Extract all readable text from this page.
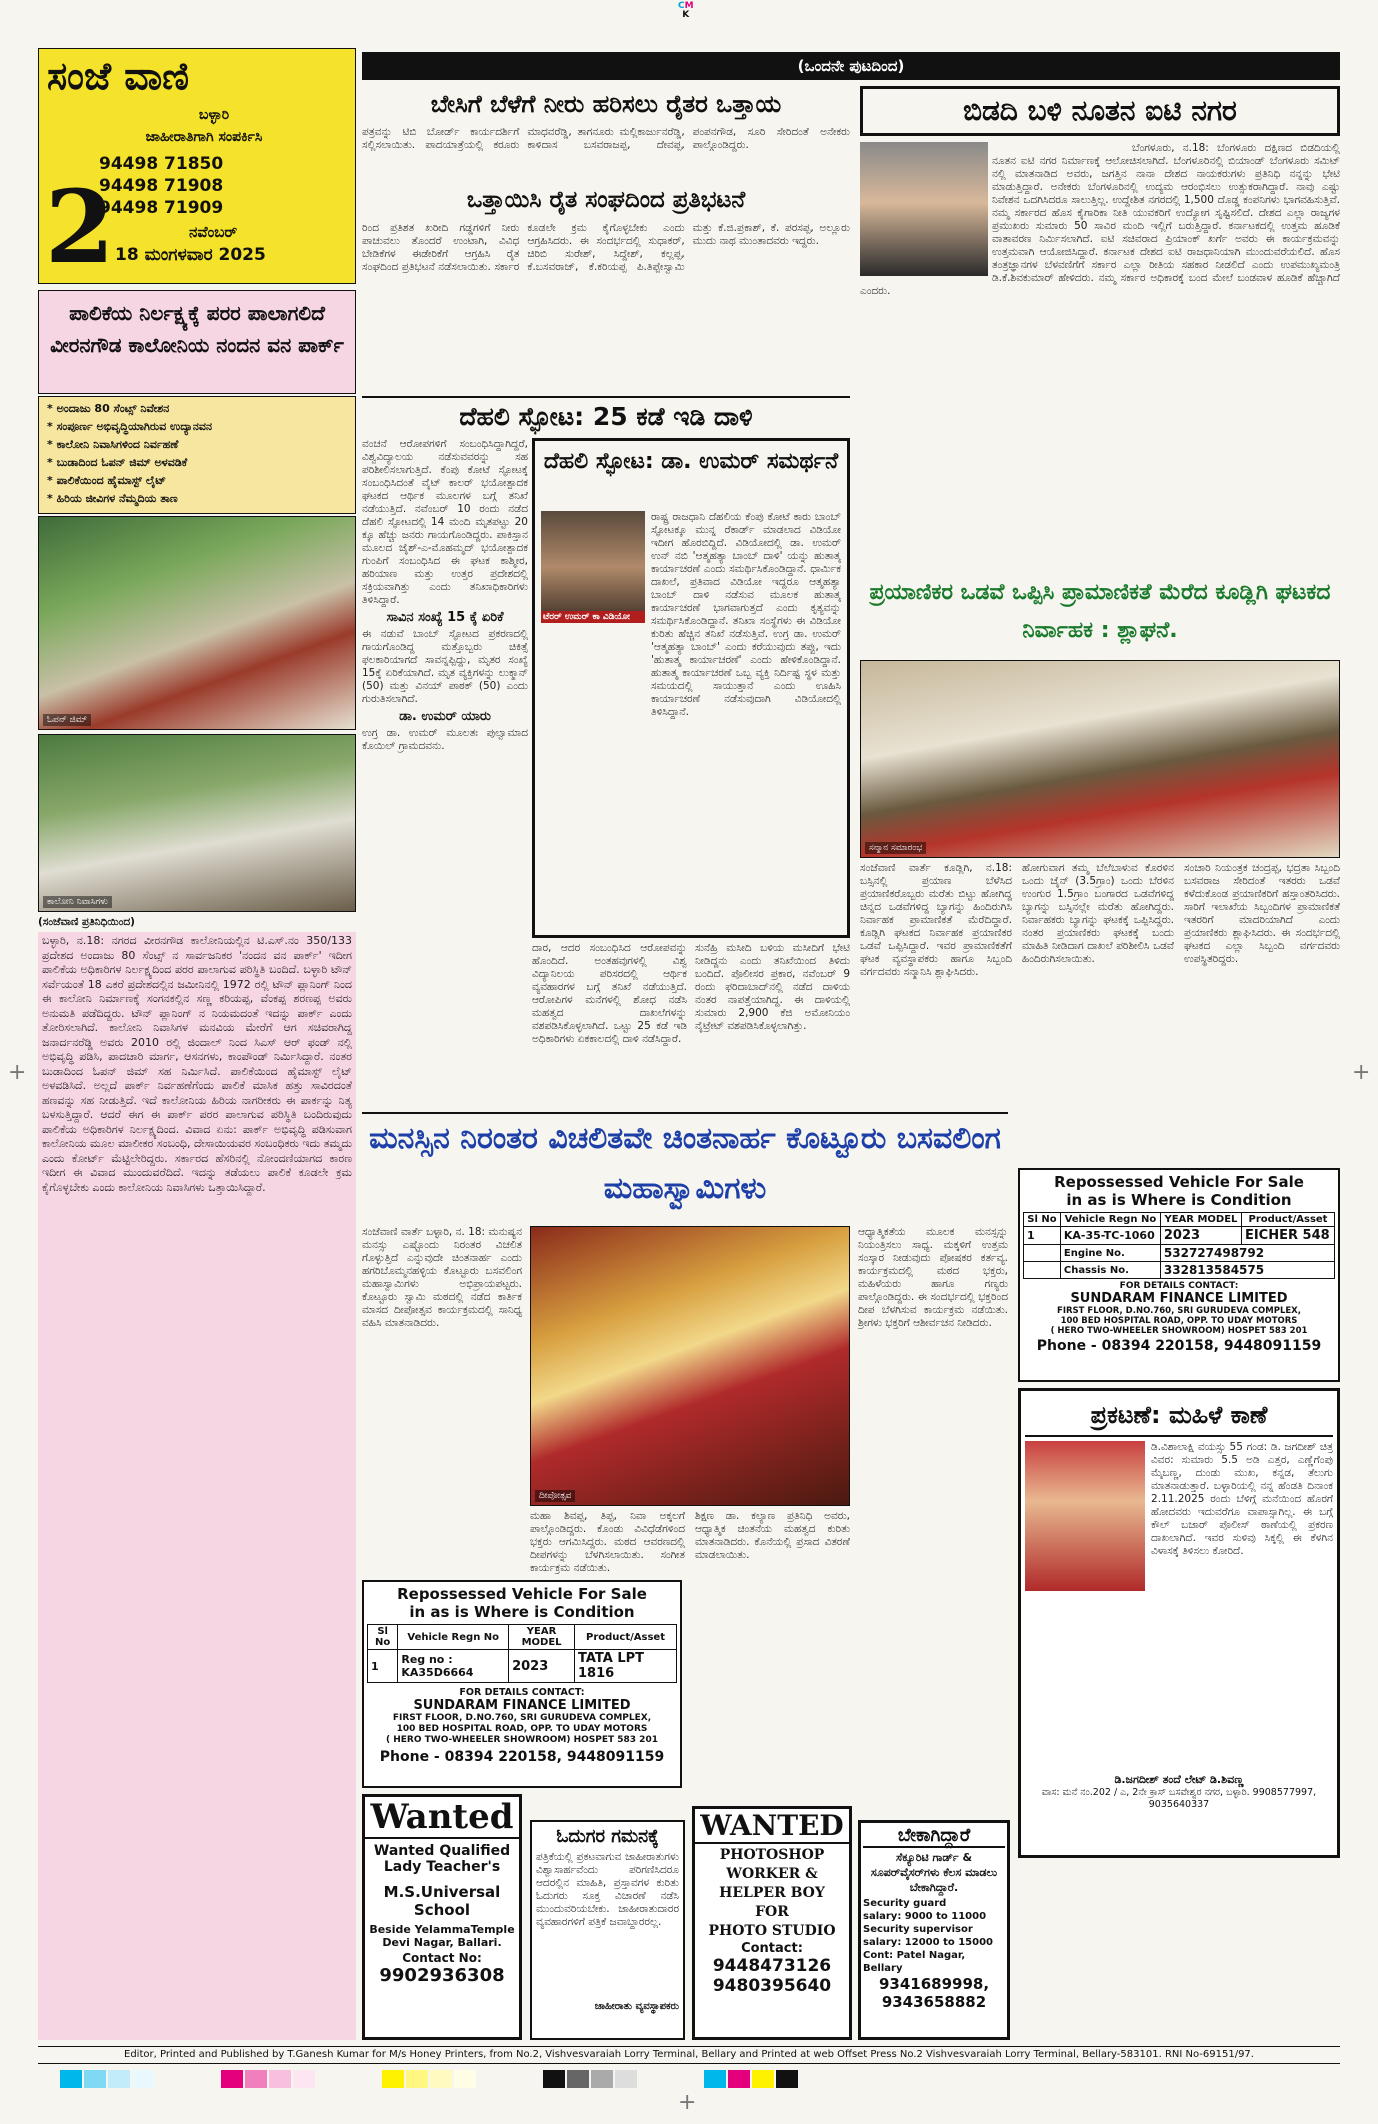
CM
K
+	+
+
ಸಂಜೆ ವಾಣಿ
ಬಳ್ಳಾರಿ
ಜಾಹೀರಾತಿಗಾಗಿ ಸಂಪರ್ಕಿಸಿ
94498 71850
94498 71908
94498 71909
2	ನವೆಂಬರ್
18 ಮಂಗಳವಾರ 2025
ಪಾಲಿಕೆಯ ನಿರ್ಲಕ್ಷ್ಯಕ್ಕೆ ಪರರ ಪಾಲಾಗಲಿದೆ ವೀರನಗೌಡ ಕಾಲೋನಿಯ ನಂದನ ವನ ಪಾರ್ಕ್
* ಅಂದಾಜು 80 ಸೆಂಟ್ಸ್ ನಿವೇಶನ
* ಸಂಪೂರ್ಣ ಅಭಿವೃದ್ಧಿಯಾಗಿರುವ ಉದ್ಯಾನವನ
* ಕಾಲೋನಿ ನಿವಾಸಿಗಳಿಂದ ನಿರ್ವಹಣೆ
* ಬುಡಾದಿಂದ ಓಪನ್ ಜಿಮ್ ಅಳವಡಿಕೆ
* ಪಾಲಿಕೆಯಿಂದ ಹೈಮಾಸ್ಟ್ ಲೈಟ್
* ಹಿರಿಯ ಜೀವಿಗಳ ನೆಮ್ಮದಿಯ ತಾಣ
ಓಪನ್ ಜಿಮ್
ಕಾಲೋನಿ ನಿವಾಸಿಗಳು
(ಸಂಜೆವಾಣಿ ಪ್ರತಿನಿಧಿಯಿಂದ)
ಬಳ್ಳಾರಿ, ನ.18: ನಗರದ ವೀರನಗೌಡ ಕಾಲೋನಿಯಲ್ಲಿನ ಟಿ.ಎಸ್.ನಂ 350/133 ಪ್ರದೇಶದ ಅಂದಾಜು 80 ಸೆಂಟ್ಸ್ ನ ಸಾರ್ವಜನಿಕರ 'ನಂದನ ವನ ಪಾರ್ಕ್' ಇದೀಗ ಪಾಲಿಕೆಯ ಅಧಿಕಾರಿಗಳ ನಿರ್ಲಕ್ಷ್ಯದಿಂದ ಪರರ ಪಾಲಾಗುವ ಪರಿಸ್ಥಿತಿ ಬಂದಿದೆ. ಬಳ್ಳಾರಿ ಟೌನ್ ಸರ್ವೆಯಂತೆ 18 ಎಕರೆ ಪ್ರದೇಶದಲ್ಲಿನ ಜಮೀನಿನಲ್ಲಿ 1972 ರಲ್ಲಿ ಟೌನ್ ಪ್ಲಾನಿಂಗ್ ನಿಂದ ಈ ಕಾಲೋನಿ ನಿರ್ಮಾಣಕ್ಕೆ ಸಂಗನಕಲ್ಲಿನ ಸಣ್ಣ ಕರಿಯಪ್ಪ, ವೆಂಕಪ್ಪ ಶರಣಪ್ಪ ಅವರು ಅನುಮತಿ ಪಡೆದಿದ್ದರು. ಟೌನ್ ಪ್ಲಾನಿಂಗ್ ನ ನಿಯಮದಂತೆ ಇದನ್ನು ಪಾರ್ಕ್ ಎಂದು ತೋರಿಸಲಾಗಿದೆ. ಕಾಲೋನಿ ನಿವಾಸಿಗಳ ಮನವಿಯ ಮೇರೆಗೆ ಆಗ ಸಚಿವರಾಗಿದ್ದ ಜನಾರ್ದನರೆಡ್ಡಿ ಅವರು 2010 ರಲ್ಲಿ ಜಿಂದಾಲ್ ನಿಂದ ಸಿಎಸ್ ಆರ್ ಫಂಡ್ ನಲ್ಲಿ ಅಭಿವೃದ್ಧಿ ಪಡಿಸಿ, ಪಾದಚಾರಿ ಮಾರ್ಗ, ಆಸನಗಳು, ಕಾಂಪೌಂಡ್ ನಿರ್ಮಿಸಿದ್ದಾರೆ. ನಂತರ ಬುಡಾದಿಂದ ಓಪನ್ ಜಿಮ್ ಸಹ ನಿರ್ಮಿಸಿದೆ. ಪಾಲಿಕೆಯಿಂದ ಹೈಮಾಸ್ಟ್ ಲೈಟ್ ಅಳವಡಿಸಿದೆ. ಅಲ್ಲದೆ ಪಾರ್ಕ್ ನಿರ್ವಹಣೆಗೆಂದು ಪಾಲಿಕೆ ಮಾಸಿಕ ಹತ್ತು ಸಾವಿರದಂತೆ ಹಣವನ್ನು ಸಹ ನೀಡುತ್ತಿದೆ. ಇದೆ ಕಾಲೋನಿಯ ಹಿರಿಯ ನಾಗರೀಕರು ಈ ಪಾರ್ಕನ್ನು ನಿತ್ಯ ಬಳಸುತ್ತಿದ್ದಾರೆ. ಆದರೆ ಈಗ ಈ ಪಾರ್ಕ್ ಪರರ ಪಾಲಾಗುವ ಪರಿಸ್ಥಿತಿ ಬಂದಿರುವುದು ಪಾಲಿಕೆಯ ಅಧಿಕಾರಿಗಳ ನಿರ್ಲಕ್ಷ್ಯದಿಂದ. ವಿವಾದ ಏನು: ಪಾರ್ಕ್ ಅಭಿವೃದ್ಧಿ ಪಡಿಸುವಾಗ ಕಾಲೋನಿಯ ಮೂಲ ಮಾಲೀಕರ ಸಂಬಂಧಿ, ದೇಸಾಯಿಯವರ ಸಂಬಂಧಿಕರು ಇದು ತಮ್ಮದು ಎಂದು ಕೋರ್ಟ್ ಮೆಟ್ಟಿಲೇರಿದ್ದರು. ಸರ್ಕಾರದ ಹೆಸರಿನಲ್ಲಿ ನೋಂದಣಿಯಾಗದ ಕಾರಣ ಇದೀಗ ಈ ವಿವಾದ ಮುಂದುವರೆದಿದೆ. ಇದನ್ನು ತಡೆಯಲು ಪಾಲಿಕೆ ಕೂಡಲೇ ಕ್ರಮ ಕೈಗೊಳ್ಳಬೇಕು ಎಂದು ಕಾಲೋನಿಯ ನಿವಾಸಿಗಳು ಒತ್ತಾಯಿಸಿದ್ದಾರೆ.
(ಒಂದನೇ ಪುಟದಿಂದ)
ಬೇಸಿಗೆ ಬೆಳೆಗೆ ನೀರು ಹರಿಸಲು ರೈತರ ಒತ್ತಾಯ
ಪತ್ರವನ್ನು ಟಿಬಿ ಬೋರ್ಡ್ ಕಾರ್ಯದರ್ಶಿಗೆ ಸಲ್ಲಿಸಲಾಯಿತು. ಪಾದಯಾತ್ರೆಯಲ್ಲಿ ಕರೂರು ಮಾಧವರೆಡ್ಡಿ, ತಾಗನೂರು ಮಲ್ಲಿಕಾರ್ಜುನರೆಡ್ಡಿ, ಕಾಳಿದಾಸ ಬಸವರಾಜಪ್ಪ, ದೇವಪ್ಪ, ಪಂಪನಗೌಡ, ಸೂರಿ ಸೇರಿದಂತೆ ಅನೇಕರು ಪಾಲ್ಗೊಂಡಿದ್ದರು.
ಒತ್ತಾಯಿಸಿ ರೈತ ಸಂಘದಿಂದ ಪ್ರತಿಭಟನೆ
ರಿಂದ ಪ್ರತಿಶತ ಖರೀದಿ ಗಡ್ಡಗಳಿಗೆ ನೀರು ಪಾಚುವಲು ತೊಂದರೆ ಉಂಟಾಗಿ, ವಿವಿಧ ಬೇಡಿಕೆಗಳ ಈಡೇರಿಕೆಗೆ ಆಗ್ರಹಿಸಿ ರೈತ ಸಂಘದಿಂದ ಪ್ರತಿಭಟನೆ ನಡೆಸಲಾಯಿತು. ಸರ್ಕಾರ ಕೂಡಲೇ ಕ್ರಮ ಕೈಗೊಳ್ಳಬೇಕು ಎಂದು ಆಗ್ರಹಿಸಿದರು. ಈ ಸಂದರ್ಭದಲ್ಲಿ ಸುಧಾಕರ್, ಚಿರಿಬಿ ಸುರೇಶ್, ಸಿದ್ದೇಶ್, ಕಲ್ಲಪ್ಪ, ಕೆ.ಬಸವರಾಜ್, ಕೆ.ಕರಿಯಪ್ಪ ಪಿ.ತಿಪ್ಪೇಸ್ವಾಮಿ ಮತ್ತು ಕೆ.ಜಿ.ಪ್ರಕಾಶ್, ಕೆ. ಪರಸಪ್ಪ, ಅಲ್ಲೂರು ಮುದು ನಾಥ ಮುಂತಾದವರು ಇದ್ದರು.
ದೆಹಲಿ ಸ್ಫೋಟ: 25 ಕಡೆ ಇಡಿ ದಾಳಿ
ವಂಚನೆ ಆರೋಪಗಳಿಗೆ ಸಂಬಂಧಿಸಿದ್ದಾಗಿದ್ದರೆ, ವಿಶ್ವವಿದ್ಯಾಲಯ ನಡೆಸುವವರನ್ನು ಸಹ ಪರಿಶೀಲಿಸಲಾಗುತ್ತಿದೆ. ಕೆಂಪು ಕೋಟೆ ಸ್ಫೋಟಕ್ಕೆ ಸಂಬಂಧಿಸಿದಂತೆ ವೈಟ್ ಕಾಲರ್ ಭಯೋತ್ಪಾದಕ ಘಟಕದ ಆರ್ಥಿಕ ಮೂಲಗಳ ಬಗ್ಗೆ ತನಿಖೆ ನಡೆಯುತ್ತಿದೆ. ನವೆಂಬರ್ 10 ರಂದು ನಡೆದ ದೆಹಲಿ ಸ್ಫೋಟದಲ್ಲಿ 14 ಮಂದಿ ಮೃತಪಟ್ಟು 20 ಕ್ಕೂ ಹೆಚ್ಚು ಜನರು ಗಾಯಗೊಂಡಿದ್ದರು. ಪಾಕಿಸ್ತಾನ ಮೂಲದ ಜೈಶ್-ಎ-ಮೊಹಮ್ಮದ್ ಭಯೋತ್ಪಾದಕ ಗುಂಪಿಗೆ ಸಂಬಂಧಿಸಿದ ಈ ಘಟಕ ಕಾಶ್ಮೀರ, ಹರಿಯಾಣ ಮತ್ತು ಉತ್ತರ ಪ್ರದೇಶದಲ್ಲಿ ಸಕ್ರಿಯವಾಗಿತ್ತು ಎಂದು ತನಿಖಾಧಿಕಾರಿಗಳು ತಿಳಿಸಿದ್ದಾರೆ.
ಸಾವಿನ ಸಂಖ್ಯೆ 15 ಕ್ಕೆ ಏರಿಕೆ
ಈ ನಡುವೆ ಬಾಂಬ್ ಸ್ಫೋಟದ ಪ್ರಕರಣದಲ್ಲಿ ಗಾಯಗೊಂಡಿದ್ದ ಮತ್ತೊಬ್ಬರು ಚಿಕಿತ್ಸೆ ಫಲಕಾರಿಯಾಗದೆ ಸಾವನ್ನಪ್ಪಿದ್ದು, ಮೃತರ ಸಂಖ್ಯೆ 15ಕ್ಕೆ ಏರಿಕೆಯಾಗಿದೆ. ಮೃತ ವ್ಯಕ್ತಿಗಳನ್ನು ಲುಕ್ಮಾನ್ (50) ಮತ್ತು ವಿನಯ್ ಪಾಠಕ್ (50) ಎಂದು ಗುರುತಿಸಲಾಗಿದೆ.
ಡಾ. ಉಮರ್ ಯಾರು
ಉಗ್ರ ಡಾ. ಉಮರ್ ಮೂಲತಃ ಪುಲ್ವಾಮಾದ ಕೊಯಿಲ್ ಗ್ರಾಮದವನು.
ದೆಹಲಿ ಸ್ಫೋಟ: ಡಾ. ಉಮರ್ ಸಮರ್ಥನೆ
ಟೆರರ್ ಉಮರ್ ಕಾ ವಿಡಿಯೋ
ರಾಷ್ಟ್ರ ರಾಜಧಾನಿ ದೆಹಲಿಯ ಕೆಂಪು ಕೋಟೆ ಕಾರು ಬಾಂಬ್ ಸ್ಫೋಟಕ್ಕೂ ಮುನ್ನ ರೆಕಾರ್ಡ್ ಮಾಡಲಾದ ವಿಡಿಯೋ ಇದೀಗ ಹೊರಬಿದ್ದಿದೆ. ವಿಡಿಯೋದಲ್ಲಿ ಡಾ. ಉಮರ್ ಉನ್ ನಬಿ 'ಆತ್ಮಹತ್ಯಾ ಬಾಂಬ್ ದಾಳಿ' ಯನ್ನು ಹುತಾತ್ಮ ಕಾರ್ಯಾಚರಣೆ ಎಂದು ಸಮರ್ಥಿಸಿಕೊಂಡಿದ್ದಾನೆ. ಧಾರ್ಮಿಕ ದಾಖಲೆ, ಪ್ರತಿವಾದ ವಿಡಿಯೋ ಇದ್ದರೂ ಆತ್ಮಹತ್ಯಾ ಬಾಂಬ್ ದಾಳಿ ನಡೆಸುವ ಮೂಲಕ ಹುತಾತ್ಮ ಕಾರ್ಯಾಚರಣೆ ಭಾಗವಾಗುತ್ತದೆ ಎಂದು ಕೃತ್ಯವನ್ನು ಸಮರ್ಥಿಸಿಕೊಂಡಿದ್ದಾನೆ. ತನಿಖಾ ಸಂಸ್ಥೆಗಳು ಈ ವಿಡಿಯೋ ಕುರಿತು ಹೆಚ್ಚಿನ ತನಿಖೆ ನಡೆಸುತ್ತಿವೆ. ಉಗ್ರ ಡಾ. ಉಮರ್ 'ಆತ್ಮಹತ್ಯಾ ಬಾಂಬ್' ಎಂದು ಕರೆಯುವುದು ತಪ್ಪು, ಇದು 'ಹುತಾತ್ಮ ಕಾರ್ಯಾಚರಣೆ' ಎಂದು ಹೇಳಿಕೊಂಡಿದ್ದಾನೆ. ಹುತಾತ್ಮ ಕಾರ್ಯಾಚರಣೆ ಒಬ್ಬ ವ್ಯಕ್ತಿ ನಿರ್ದಿಷ್ಟ ಸ್ಥಳ ಮತ್ತು ಸಮಯದಲ್ಲಿ ಸಾಯುತ್ತಾನೆ ಎಂದು ಊಹಿಸಿ ಕಾರ್ಯಾಚರಣೆ ನಡೆಸುವುದಾಗಿ ವಿಡಿಯೋದಲ್ಲಿ ತಿಳಿಸಿದ್ದಾನೆ.
ದಾರ, ಆದರ ಸಂಬಂಧಿಸಿದ ಆರೋಪವನ್ನು ಹೊಂದಿದೆ. ಅಂತಹವುಗಳಲ್ಲಿ ವಿಶ್ವ ವಿದ್ಯಾನಿಲಯ ಪರಿಸರದಲ್ಲಿ ಆರ್ಥಿಕ ವ್ಯವಹಾರಗಳ ಬಗ್ಗೆ ತನಿಖೆ ನಡೆಯುತ್ತಿದೆ. ಆರೋಪಿಗಳ ಮನೆಗಳಲ್ಲಿ ಶೋಧ ನಡೆಸಿ ಮಹತ್ವದ ದಾಖಲೆಗಳನ್ನು ವಶಪಡಿಸಿಕೊಳ್ಳಲಾಗಿದೆ. ಒಟ್ಟು 25 ಕಡೆ ಇಡಿ ಅಧಿಕಾರಿಗಳು ಏಕಕಾಲದಲ್ಲಿ ದಾಳಿ ನಡೆಸಿದ್ದಾರೆ.
ಸುನೆಹ್ರಿ ಮಸೀದಿ ಬಳಿಯ ಮಸೀದಿಗೆ ಭೇಟಿ ನೀಡಿದ್ದನು ಎಂದು ತನಿಖೆಯಿಂದ ತಿಳಿದು ಬಂದಿದೆ. ಪೊಲೀಸರ ಪ್ರಕಾರ, ನವೆಂಬರ್ 9 ರಂದು ಫರಿದಾಬಾದ್‌ನಲ್ಲಿ ನಡೆದ ದಾಳಿಯ ನಂತರ ನಾಪತ್ತೆಯಾಗಿದ್ದ. ಈ ದಾಳಿಯಲ್ಲಿ ಸುಮಾರು 2,900 ಕೆಜಿ ಅಮೋನಿಯಂ ನೈಟ್ರೇಟ್ ವಶಪಡಿಸಿಕೊಳ್ಳಲಾಗಿತ್ತು.
ಬಿಡದಿ ಬಳಿ ನೂತನ ಐಟಿ ನಗರ
ಬೆಂಗಳೂರು, ನ.18: ಬೆಂಗಳೂರು ದಕ್ಷಿಣದ ಬಿಡದಿಯಲ್ಲಿ ನೂತನ ಐಟಿ ನಗರ ನಿರ್ಮಾಣಕ್ಕೆ ಆಲೋಚಿಸಲಾಗಿದೆ. ಬೆಂಗಳೂರಿನಲ್ಲಿ ಬಿಯಾಂಡ್ ಬೆಂಗಳೂರು ಸಮಿಟ್ ನಲ್ಲಿ ಮಾತನಾಡಿದ ಅವರು, ಜಗತ್ತಿನ ನಾನಾ ದೇಶದ ನಾಯಕರುಗಳು ಪ್ರತಿನಿಧಿ ನನ್ನನ್ನು ಭೇಟಿ ಮಾಡುತ್ತಿದ್ದಾರೆ. ಅನೇಕರು ಬೆಂಗಳೂರಿನಲ್ಲಿ ಉದ್ಯಮ ಆರಂಭಿಸಲು ಉತ್ಸುಕರಾಗಿದ್ದಾರೆ. ನಾವು ಎಷ್ಟು ನಿವೇಶನ ಒದಗಿಸಿದರೂ ಸಾಲುತ್ತಿಲ್ಲ. ಉದ್ದೇಶಿತ ನಗರದಲ್ಲಿ 1,500 ದೊಡ್ಡ ಕಂಪನಿಗಳು ಭಾಗವಹಿಸುತ್ತಿವೆ. ನಮ್ಮ ಸರ್ಕಾರದ ಹೊಸ ಕೈಗಾರಿಕಾ ನೀತಿ ಯುವಕರಿಗೆ ಉದ್ಯೋಗ ಸೃಷ್ಟಿಸಲಿದೆ. ದೇಶದ ಎಲ್ಲಾ ರಾಜ್ಯಗಳ ಪ್ರಮುಖರು ಸುಮಾರು 50 ಸಾವಿರ ಮಂದಿ ಇಲ್ಲಿಗೆ ಬರುತ್ತಿದ್ದಾರೆ. ಕರ್ನಾಟಕದಲ್ಲಿ ಉತ್ತಮ ಹೂಡಿಕೆ ವಾತಾವರಣ ನಿರ್ಮಿಸಲಾಗಿದೆ. ಐಟಿ ಸಚಿವರಾದ ಪ್ರಿಯಾಂಕ್ ಖರ್ಗೆ ಅವರು ಈ ಕಾರ್ಯಕ್ರಮವನ್ನು ಉತ್ತಮವಾಗಿ ಆಯೋಜಿಸಿದ್ದಾರೆ. ಕರ್ನಾಟಕ ದೇಶದ ಐಟಿ ರಾಜಧಾನಿಯಾಗಿ ಮುಂದುವರೆಯಲಿದೆ. ಹೊಸ ತಂತ್ರಜ್ಞಾನಗಳ ಬೆಳವಣಿಗೆಗೆ ಸರ್ಕಾರ ಎಲ್ಲಾ ರೀತಿಯ ಸಹಕಾರ ನೀಡಲಿದೆ ಎಂದು ಉಪಮುಖ್ಯಮಂತ್ರಿ ಡಿ.ಕೆ.ಶಿವಕುಮಾರ್ ಹೇಳಿದರು. ನಮ್ಮ ಸರ್ಕಾರ ಅಧಿಕಾರಕ್ಕೆ ಬಂದ ಮೇಲೆ ಬಂಡವಾಳ ಹೂಡಿಕೆ ಹೆಚ್ಚಾಗಿದೆ ಎಂದರು.
ಪ್ರಯಾಣಿಕರ ಒಡವೆ ಒಪ್ಪಿಸಿ ಪ್ರಾಮಾಣಿಕತೆ ಮೆರೆದ ಕೂಡ್ಲಿಗಿ ಘಟಕದ ನಿರ್ವಾಹಕ : ಶ್ಲಾಘನೆ.
ಸನ್ಮಾನ ಸಮಾರಂಭ
ಸಂಜೆವಾಣಿ ವಾರ್ತೆ ಕೂಡ್ಲಿಗಿ, ನ.18: ಬಸ್ಸಿನಲ್ಲಿ ಪ್ರಯಾಣ ಬೆಳೆಸಿದ ಪ್ರಯಾಣಿಕರೊಬ್ಬರು ಮರೆತು ಬಿಟ್ಟು ಹೋಗಿದ್ದ ಚಿನ್ನದ ಒಡವೆಗಳಿದ್ದ ಬ್ಯಾಗನ್ನು ಹಿಂದಿರುಗಿಸಿ ನಿರ್ವಾಹಕ ಪ್ರಾಮಾಣಿಕತೆ ಮೆರೆದಿದ್ದಾರೆ. ಕೂಡ್ಲಿಗಿ ಘಟಕದ ನಿರ್ವಾಹಕ ಪ್ರಯಾಣಿಕರ ಒಡವೆ ಒಪ್ಪಿಸಿದ್ದಾರೆ. ಇವರ ಪ್ರಾಮಾಣಿಕತೆಗೆ ಘಟಕ ವ್ಯವಸ್ಥಾಪಕರು ಹಾಗೂ ಸಿಬ್ಬಂದಿ ವರ್ಗದವರು ಸನ್ಮಾನಿಸಿ ಶ್ಲಾಘಿಸಿದರು.
ಹೋಗುವಾಗ ತಮ್ಮ ಬೆಲೆಬಾಳುವ ಕೊರಳಿನ ಒಂದು ಚೈನ್ (3.5ಗ್ರಾಂ) ಒಂದು ಬೆರಳಿನ ಉಂಗುರ 1.5ಗ್ರಾಂ ಬಂಗಾರದ ಒಡವೆಗಳಿದ್ದ ಬ್ಯಾಗನ್ನು ಬಸ್ಸಿನಲ್ಲೇ ಮರೆತು ಹೋಗಿದ್ದರು. ನಿರ್ವಾಹಕರು ಬ್ಯಾಗನ್ನು ಘಟಕಕ್ಕೆ ಒಪ್ಪಿಸಿದ್ದರು. ನಂತರ ಪ್ರಯಾಣಿಕರು ಘಟಕಕ್ಕೆ ಬಂದು ಮಾಹಿತಿ ನೀಡಿದಾಗ ದಾಖಲೆ ಪರಿಶೀಲಿಸಿ ಒಡವೆ ಹಿಂದಿರುಗಿಸಲಾಯಿತು.
ಸಂಚಾರಿ ನಿಯಂತ್ರಕ ಚಂದ್ರಪ್ಪ, ಭದ್ರತಾ ಸಿಬ್ಬಂದಿ ಬಸವರಾಜ ಸೇರಿದಂತೆ ಇತರರು ಒಡವೆ ಕಳೆದುಕೊಂಡ ಪ್ರಯಾಣಿಕರಿಗೆ ಹಸ್ತಾಂತರಿಸಿದರು. ಸಾರಿಗೆ ಇಲಾಖೆಯ ಸಿಬ್ಬಂದಿಗಳ ಪ್ರಾಮಾಣಿಕತೆ ಇತರರಿಗೆ ಮಾದರಿಯಾಗಿದೆ ಎಂದು ಪ್ರಯಾಣಿಕರು ಶ್ಲಾಘಿಸಿದರು. ಈ ಸಂದರ್ಭದಲ್ಲಿ ಘಟಕದ ಎಲ್ಲಾ ಸಿಬ್ಬಂದಿ ವರ್ಗದವರು ಉಪಸ್ಥಿತರಿದ್ದರು.
ಮನಸ್ಸಿನ ನಿರಂತರ ವಿಚಲಿತವೇ ಚಿಂತನಾರ್ಹ ಕೊಟ್ಟೂರು ಬಸವಲಿಂಗ ಮಹಾಸ್ವಾಮಿಗಳು
ಸಂಜೆವಾಣಿ ವಾರ್ತೆ ಬಳ್ಳಾರಿ, ನ. 18: ಮನುಷ್ಯನ ಮನಸ್ಸು ಎಷ್ಟೊಂದು ನಿರಂತರ ವಿಚಲಿತ ಗೊಳ್ಳುತ್ತಿದೆ ಎನ್ನುವುದೇ ಚಿಂತನಾರ್ಹ ಎಂದು ಹಗರಿಬೊಮ್ಮನಹಳ್ಳಿಯ ಕೊಟ್ಟೂರು ಬಸವಲಿಂಗ ಮಹಾಸ್ವಾಮಿಗಳು ಅಭಿಪ್ರಾಯಪಟ್ಟರು. ಕೊಟ್ಟೂರು ಸ್ವಾಮಿ ಮಠದಲ್ಲಿ ನಡೆದ ಕಾರ್ತಿಕ ಮಾಸದ ದೀಪೋತ್ಸವ ಕಾರ್ಯಕ್ರಮದಲ್ಲಿ ಸಾನಿಧ್ಯ ವಹಿಸಿ ಮಾತನಾಡಿದರು.
ದೀಪೋತ್ಸವ
ಆಧ್ಯಾತ್ಮಿಕತೆಯ ಮೂಲಕ ಮನಸ್ಸನ್ನು ನಿಯಂತ್ರಿಸಲು ಸಾಧ್ಯ. ಮಕ್ಕಳಿಗೆ ಉತ್ತಮ ಸಂಸ್ಕಾರ ನೀಡುವುದು ಪೋಷಕರ ಕರ್ತವ್ಯ. ಕಾರ್ಯಕ್ರಮದಲ್ಲಿ ಮಠದ ಭಕ್ತರು, ಮಹಿಳೆಯರು ಹಾಗೂ ಗಣ್ಯರು ಪಾಲ್ಗೊಂಡಿದ್ದರು. ಈ ಸಂದರ್ಭದಲ್ಲಿ ಭಕ್ತರಿಂದ ದೀಪ ಬೆಳಗಿಸುವ ಕಾರ್ಯಕ್ರಮ ನಡೆಯಿತು. ಶ್ರೀಗಳು ಭಕ್ತರಿಗೆ ಆಶೀರ್ವಚನ ನೀಡಿದರು.
ಮಹಾ ಶಿವಪ್ಪ, ತಿಪ್ಪ, ನಿವಾ ಅಕ್ಕಲಗೆ ಪಾಲ್ಗೊಂಡಿದ್ದರು. ಕೊಂಡು ವಿವಿಧೆಡೆಗಳಿಂದ ಭಕ್ತರು ಆಗಮಿಸಿದ್ದರು. ಮಠದ ಆವರಣದಲ್ಲಿ ದೀಪಗಳನ್ನು ಬೆಳಗಿಸಲಾಯಿತು. ಸಂಗೀತ ಕಾರ್ಯಕ್ರಮ ನಡೆಯಿತು.
ಶಿಕ್ಷಣ ಡಾ. ಕಲ್ಯಾಣ ಪ್ರತಿನಿಧಿ ಅವರು, ಆಧ್ಯಾತ್ಮಿಕ ಚಿಂತನೆಯ ಮಹತ್ವದ ಕುರಿತು ಮಾತನಾಡಿದರು. ಕೊನೆಯಲ್ಲಿ ಪ್ರಸಾದ ವಿತರಣೆ ಮಾಡಲಾಯಿತು.
Repossessed Vehicle For Sale
in as is Where is Condition
Sl No	Vehicle Regn No	YEAR MODEL	Product/Asset
1	Reg no : KA35D6664	2023	TATA LPT 1816
FOR DETAILS CONTACT:
SUNDARAM FINANCE LIMITED
FIRST FLOOR, D.NO.760, SRI GURUDEVA COMPLEX,
100 BED HOSPITAL ROAD, OPP. TO UDAY MOTORS
( HERO TWO-WHEELER SHOWROOM) HOSPET 583 201
Phone - 08394 220158, 9448091159
Repossessed Vehicle For Sale
in as is Where is Condition
Sl No	Vehicle Regn No	YEAR MODEL	Product/Asset
1	KA-35-TC-1060	2023	EICHER 548
	Engine No.	532727498792	
	Chassis No.	332813584575	
FOR DETAILS CONTACT:
SUNDARAM FINANCE LIMITED
FIRST FLOOR, D.NO.760, SRI GURUDEVA COMPLEX,
100 BED HOSPITAL ROAD, OPP. TO UDAY MOTORS
( HERO TWO-WHEELER SHOWROOM) HOSPET 583 201
Phone - 08394 220158, 9448091159
ಪ್ರಕಟಣೆ: ಮಹಿಳೆ ಕಾಣೆ
ಡಿ.ವಿಶಾಲಾಕ್ಷಿ ವಯಸ್ಸು 55 ಗಂಡ: ಡಿ. ಜಗದೀಶ್ ಚಿತ್ರ ವಿವರ: ಸುಮಾರು 5.5 ಅಡಿ ಎತ್ತರ, ಎಣ್ಣೆಗೆಂಪು ಮೈಬಣ್ಣ, ದುಂಡು ಮುಖ, ಕನ್ನಡ, ತೆಲುಗು ಮಾತನಾಡುತ್ತಾರೆ. ಬಳ್ಳಾರಿಯಲ್ಲಿ ನನ್ನ ಹೆಂಡತಿ ದಿನಾಂಕ 2.11.2025 ರಂದು ಬೆಳಿಗ್ಗೆ ಮನೆಯಿಂದ ಹೊರಗೆ ಹೋದವರು ಇದುವರೆಗೂ ವಾಪಾಸ್ಸಾಗಿಲ್ಲ. ಈ ಬಗ್ಗೆ ಕೌಲ್ ಬಜಾರ್ ಪೊಲೀಸ್ ಠಾಣೆಯಲ್ಲಿ ಪ್ರಕರಣ ದಾಖಲಾಗಿದೆ. ಇವರ ಸುಳಿವು ಸಿಕ್ಕಲ್ಲಿ ಈ ಕೆಳಗಿನ ವಿಳಾಸಕ್ಕೆ ತಿಳಿಸಲು ಕೋರಿದೆ.
ಡಿ.ಜಗದೀಶ್ ತಂದೆ ಲೇಟ್ ಡಿ.ಶಿವಣ್ಣ
ವಾಸ: ಮನೆ ನಂ.202 / ಎ, 2ನೇ ಕ್ರಾಸ್ ಬಸವೇಶ್ವರ ನಗರ, ಬಳ್ಳಾರಿ. 9908577997, 9035640337
Wanted
Wanted Qualified
Lady Teacher's
M.S.Universal School
Beside YelammaTemple Devi Nagar, Ballari.
Contact No:
9902936308
ಓದುಗರ ಗಮನಕ್ಕೆ
ಪತ್ರಿಕೆಯಲ್ಲಿ ಪ್ರಕಟವಾಗುವ ಜಾಹೀರಾತುಗಳು ವಿಶ್ವಾಸಾರ್ಹವೆಂದು ಪರಿಗಣಿಸಿದರೂ ಆದರಲ್ಲಿನ ಮಾಹಿತಿ, ಪ್ರಸ್ತಾವಗಳ ಕುರಿತು ಓದುಗರು ಸೂಕ್ತ ವಿಚಾರಣೆ ನಡೆಸಿ ಮುಂದುವರಿಯಬೇಕು. ಜಾಹೀರಾತುದಾರರ ವ್ಯವಹಾರಗಳಿಗೆ ಪತ್ರಿಕೆ ಜವಾಬ್ದಾರರಲ್ಲ.
ಜಾಹೀರಾತು ವ್ಯವಸ್ಥಾಪಕರು
WANTED
PHOTOSHOP
WORKER &
HELPER BOY
FOR
PHOTO STUDIO
Contact:
9448473126
9480395640
ಬೇಕಾಗಿದ್ದಾರೆ
ಸೆಕ್ಯೂರಿಟಿ ಗಾರ್ಡ್ & ಸೂಪರ್‌ವೈಸರ್‌ಗಳು ಕೆಲಸ ಮಾಡಲು ಬೇಕಾಗಿದ್ದಾರೆ.
Security guard
salary: 9000 to 11000
Security supervisor
salary: 12000 to 15000
Cont: Patel Nagar, Bellary
9341689998,
9343658882
Editor, Printed and Published by T.Ganesh Kumar for M/s Honey Printers, from No.2, Vishvesvaraiah Lorry Terminal, Bellary and Printed at web Offset Press No.2 Vishvesvaraiah Lorry Terminal, Bellary-583101. RNI No-69151/97.
